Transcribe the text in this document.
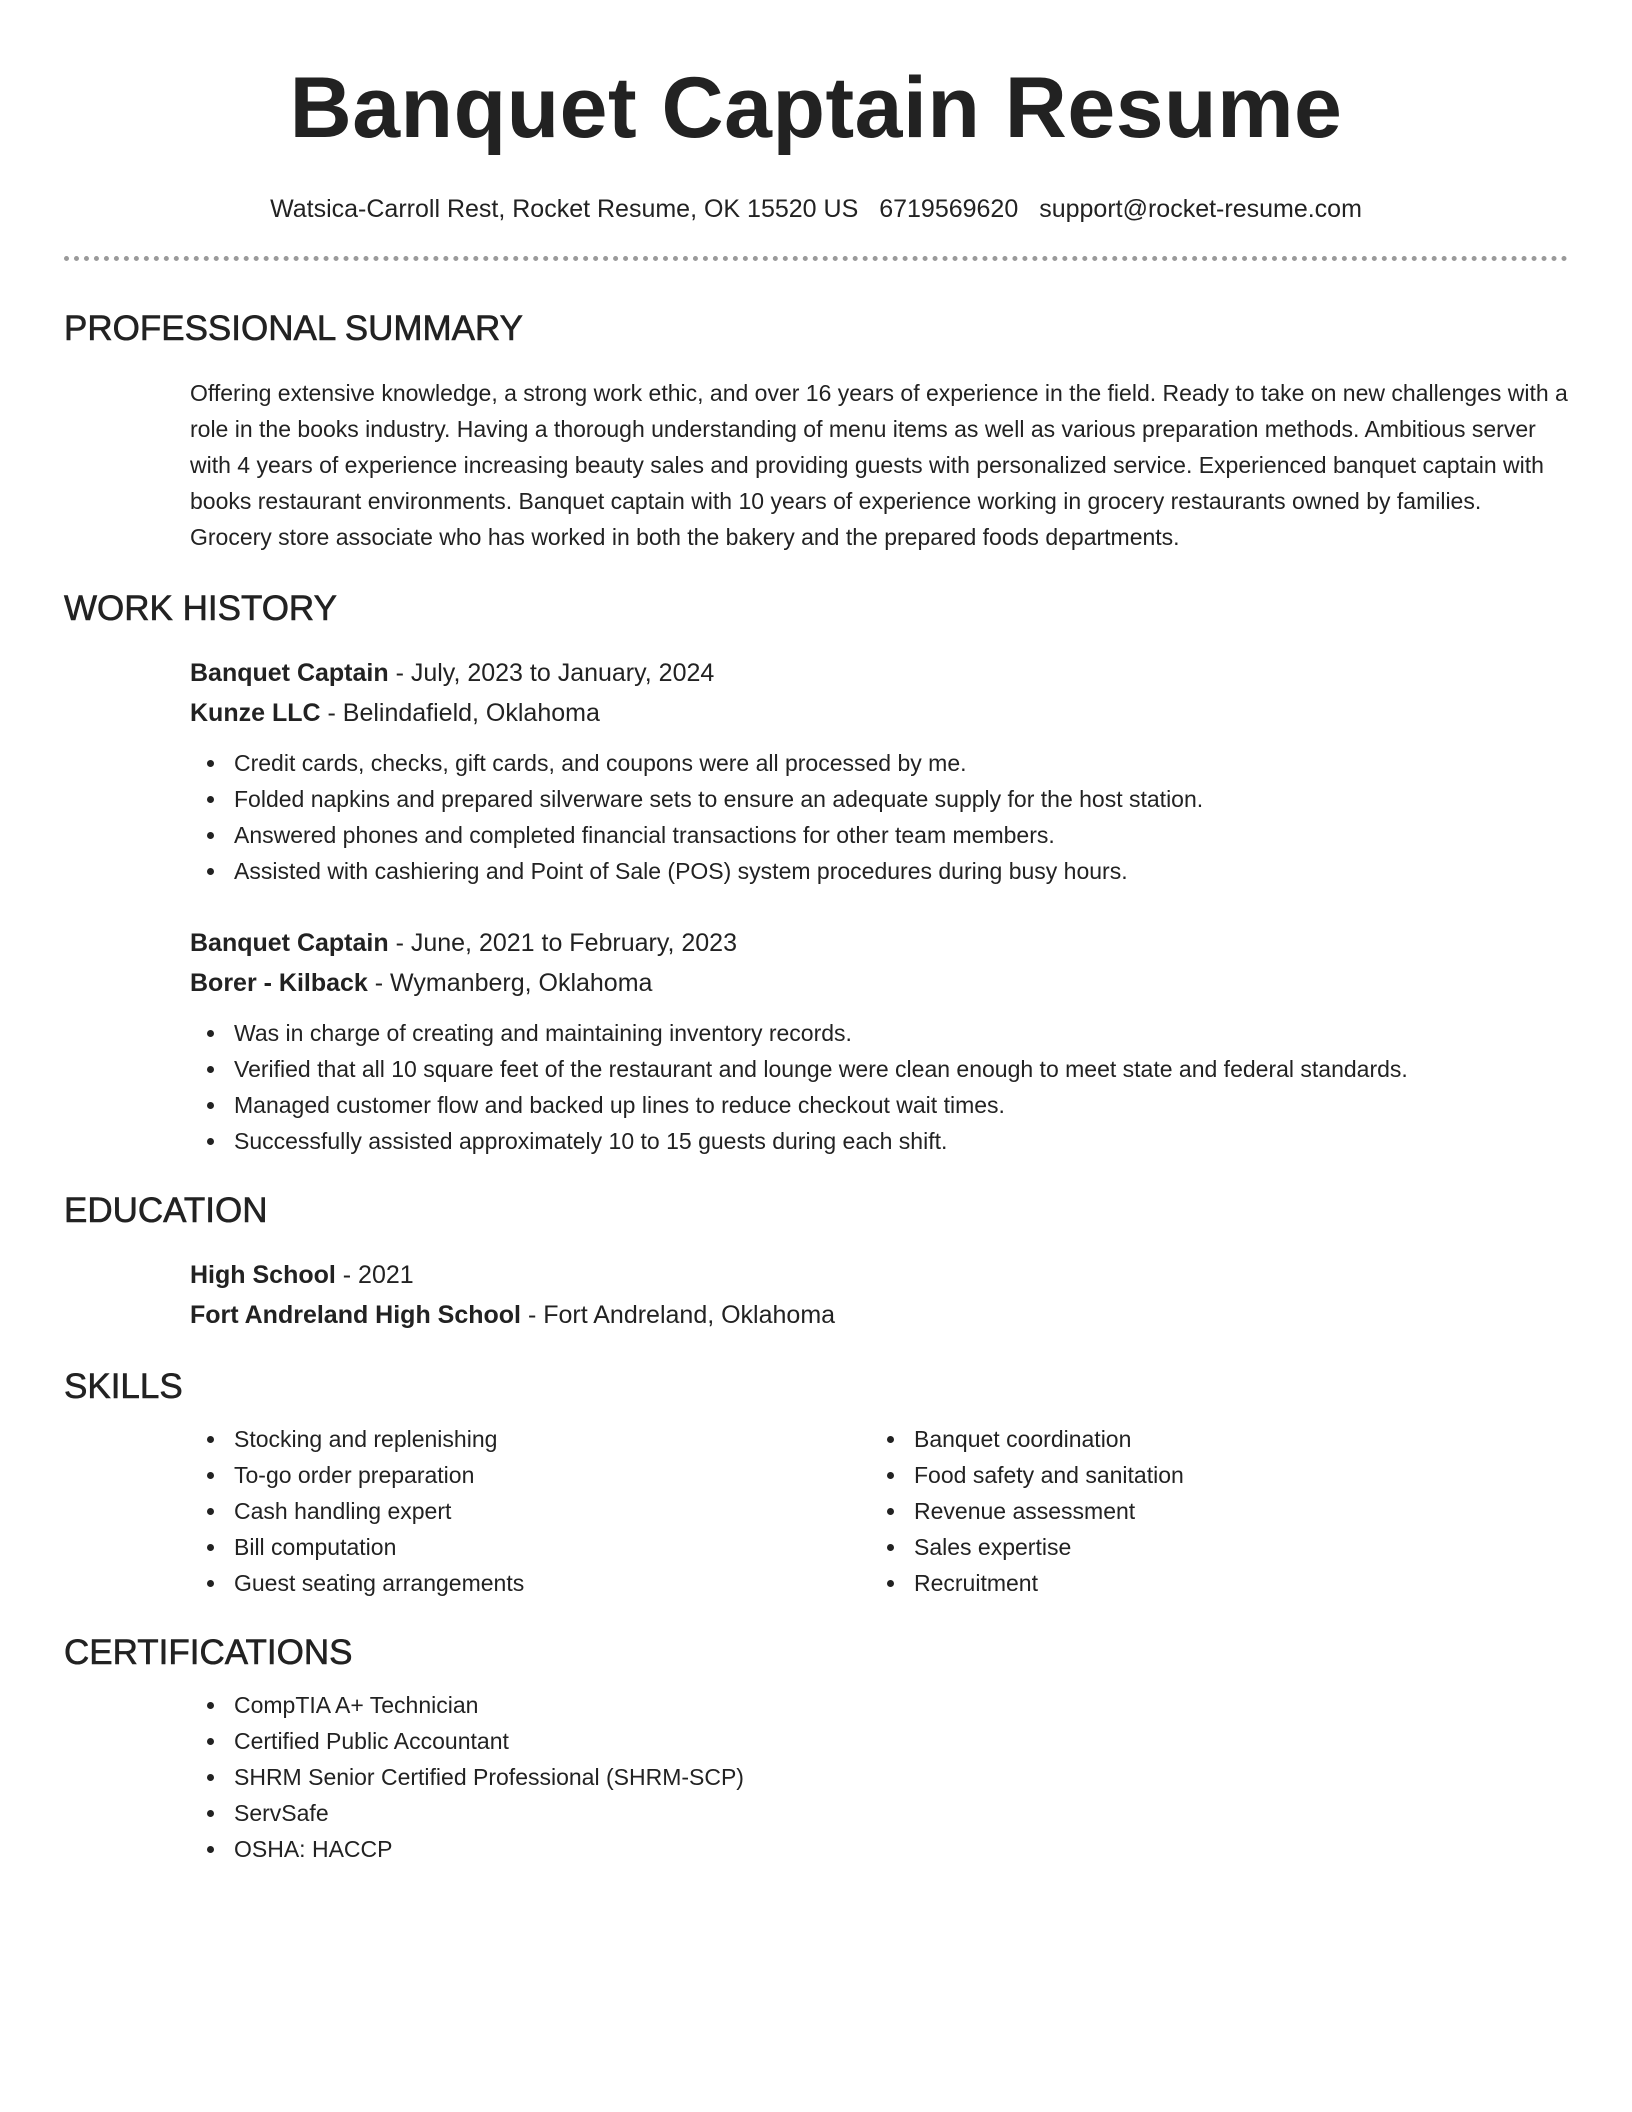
Banquet Captain Resume
Watsica-Carroll Rest, Rocket Resume, OK 15520 US 6719569620 support@rocket-resume.com
PROFESSIONAL SUMMARY
Offering extensive knowledge, a strong work ethic, and over 16 years of experience in the field. Ready to take on new challenges with a role in the books industry. Having a thorough understanding of menu items as well as various preparation methods. Ambitious server with 4 years of experience increasing beauty sales and providing guests with personalized service. Experienced banquet captain with books restaurant environments. Banquet captain with 10 years of experience working in grocery restaurants owned by families. Grocery store associate who has worked in both the bakery and the prepared foods departments.
WORK HISTORY
Banquet Captain - July, 2023 to January, 2024
Kunze LLC - Belindafield, Oklahoma
Credit cards, checks, gift cards, and coupons were all processed by me.
Folded napkins and prepared silverware sets to ensure an adequate supply for the host station.
Answered phones and completed financial transactions for other team members.
Assisted with cashiering and Point of Sale (POS) system procedures during busy hours.
Banquet Captain - June, 2021 to February, 2023
Borer - Kilback - Wymanberg, Oklahoma
Was in charge of creating and maintaining inventory records.
Verified that all 10 square feet of the restaurant and lounge were clean enough to meet state and federal standards.
Managed customer flow and backed up lines to reduce checkout wait times.
Successfully assisted approximately 10 to 15 guests during each shift.
EDUCATION
High School - 2021
Fort Andreland High School - Fort Andreland, Oklahoma
SKILLS
Stocking and replenishing
To-go order preparation
Cash handling expert
Bill computation
Guest seating arrangements
Banquet coordination
Food safety and sanitation
Revenue assessment
Sales expertise
Recruitment
CERTIFICATIONS
CompTIA A+ Technician
Certified Public Accountant
SHRM Senior Certified Professional (SHRM-SCP)
ServSafe
OSHA: HACCP
